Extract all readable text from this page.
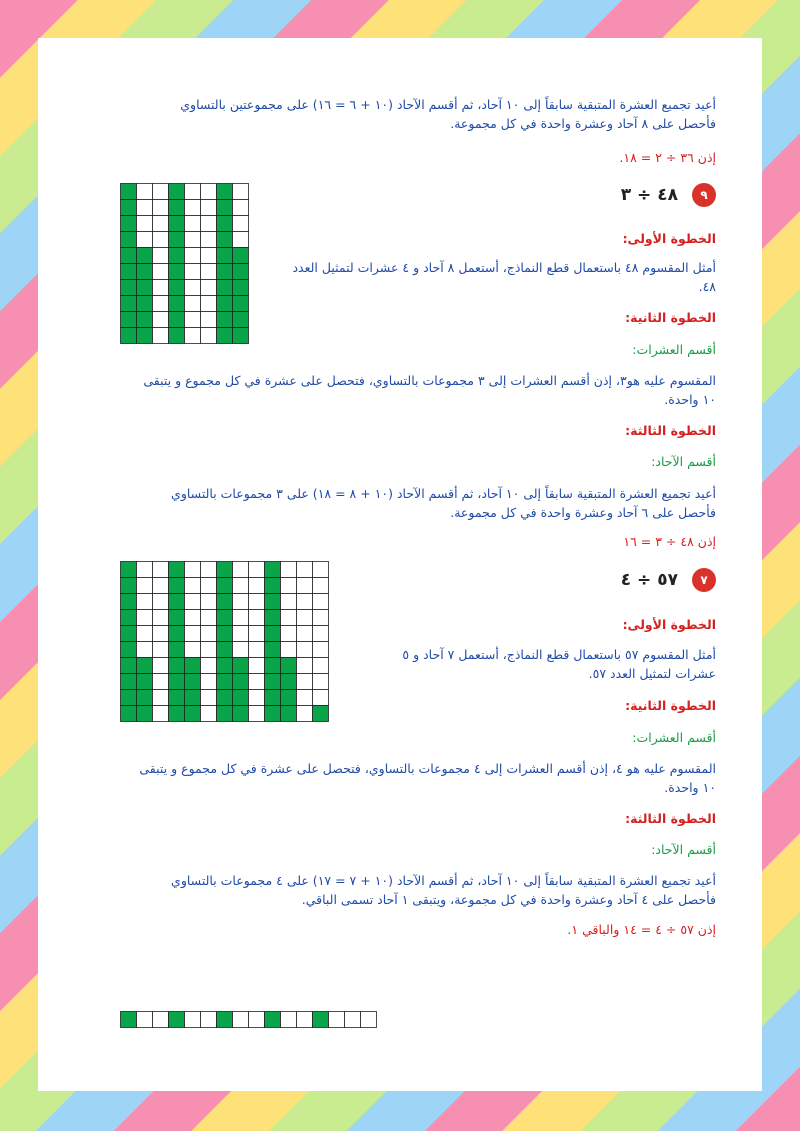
أعيد تجميع العشرة المتبقية سابقاً إلى ١٠ آحاد، ثم أقسم الآحاد (١٠ + ٦ = ١٦) على مجموعتين بالتساوي
فأحصل على ٨ آحاد وعشرة واحدة في كل مجموعة.
إذن ٣٦ ÷ ٢ = ١٨.
٩
٤٨ ÷ ٣
الخطوة الأولى:
أمثل المقسوم ٤٨ باستعمال قطع النماذج، أستعمل ٨ آحاد و ٤ عشرات لتمثيل العدد
٤٨.
الخطوة الثانية:
أقسم العشرات:
المقسوم عليه هو٣، إذن أقسم العشرات إلى ٣ مجموعات بالتساوي، فتحصل على عشرة في كل مجموع و يتبقى
١٠ واحدة.
الخطوة الثالثة:
أقسم الآحاد:
أعيد تجميع العشرة المتبقية سابقاً إلى ١٠ آحاد، ثم أقسم الآحاد (١٠ + ٨ = ١٨) على ٣ مجموعات بالتساوي
فأحصل على ٦ آحاد وعشرة واحدة في كل مجموعة.
إذن ٤٨ ÷ ٣ = ١٦
٧
٥٧ ÷ ٤
الخطوة الأولى:
أمثل المقسوم ٥٧ باستعمال قطع النماذج، أستعمل ٧ آحاد و ٥
عشرات لتمثيل العدد ٥٧.
الخطوة الثانية:
أقسم العشرات:
المقسوم عليه هو ٤، إذن أقسم العشرات إلى ٤ مجموعات بالتساوي، فتحصل على عشرة في كل مجموع و يتبقى
١٠ واحدة.
الخطوة الثالثة:
أقسم الآحاد:
أعيد تجميع العشرة المتبقية سابقاً إلى ١٠ آحاد، ثم أقسم الآحاد (١٠ + ٧ = ١٧) على ٤ مجموعات بالتساوي
فأحصل على ٤ آحاد وعشرة واحدة في كل مجموعة، ويتبقى ١ آحاد تسمى الباقي.
إذن ٥٧ ÷ ٤ = ١٤ والباقي ١.
